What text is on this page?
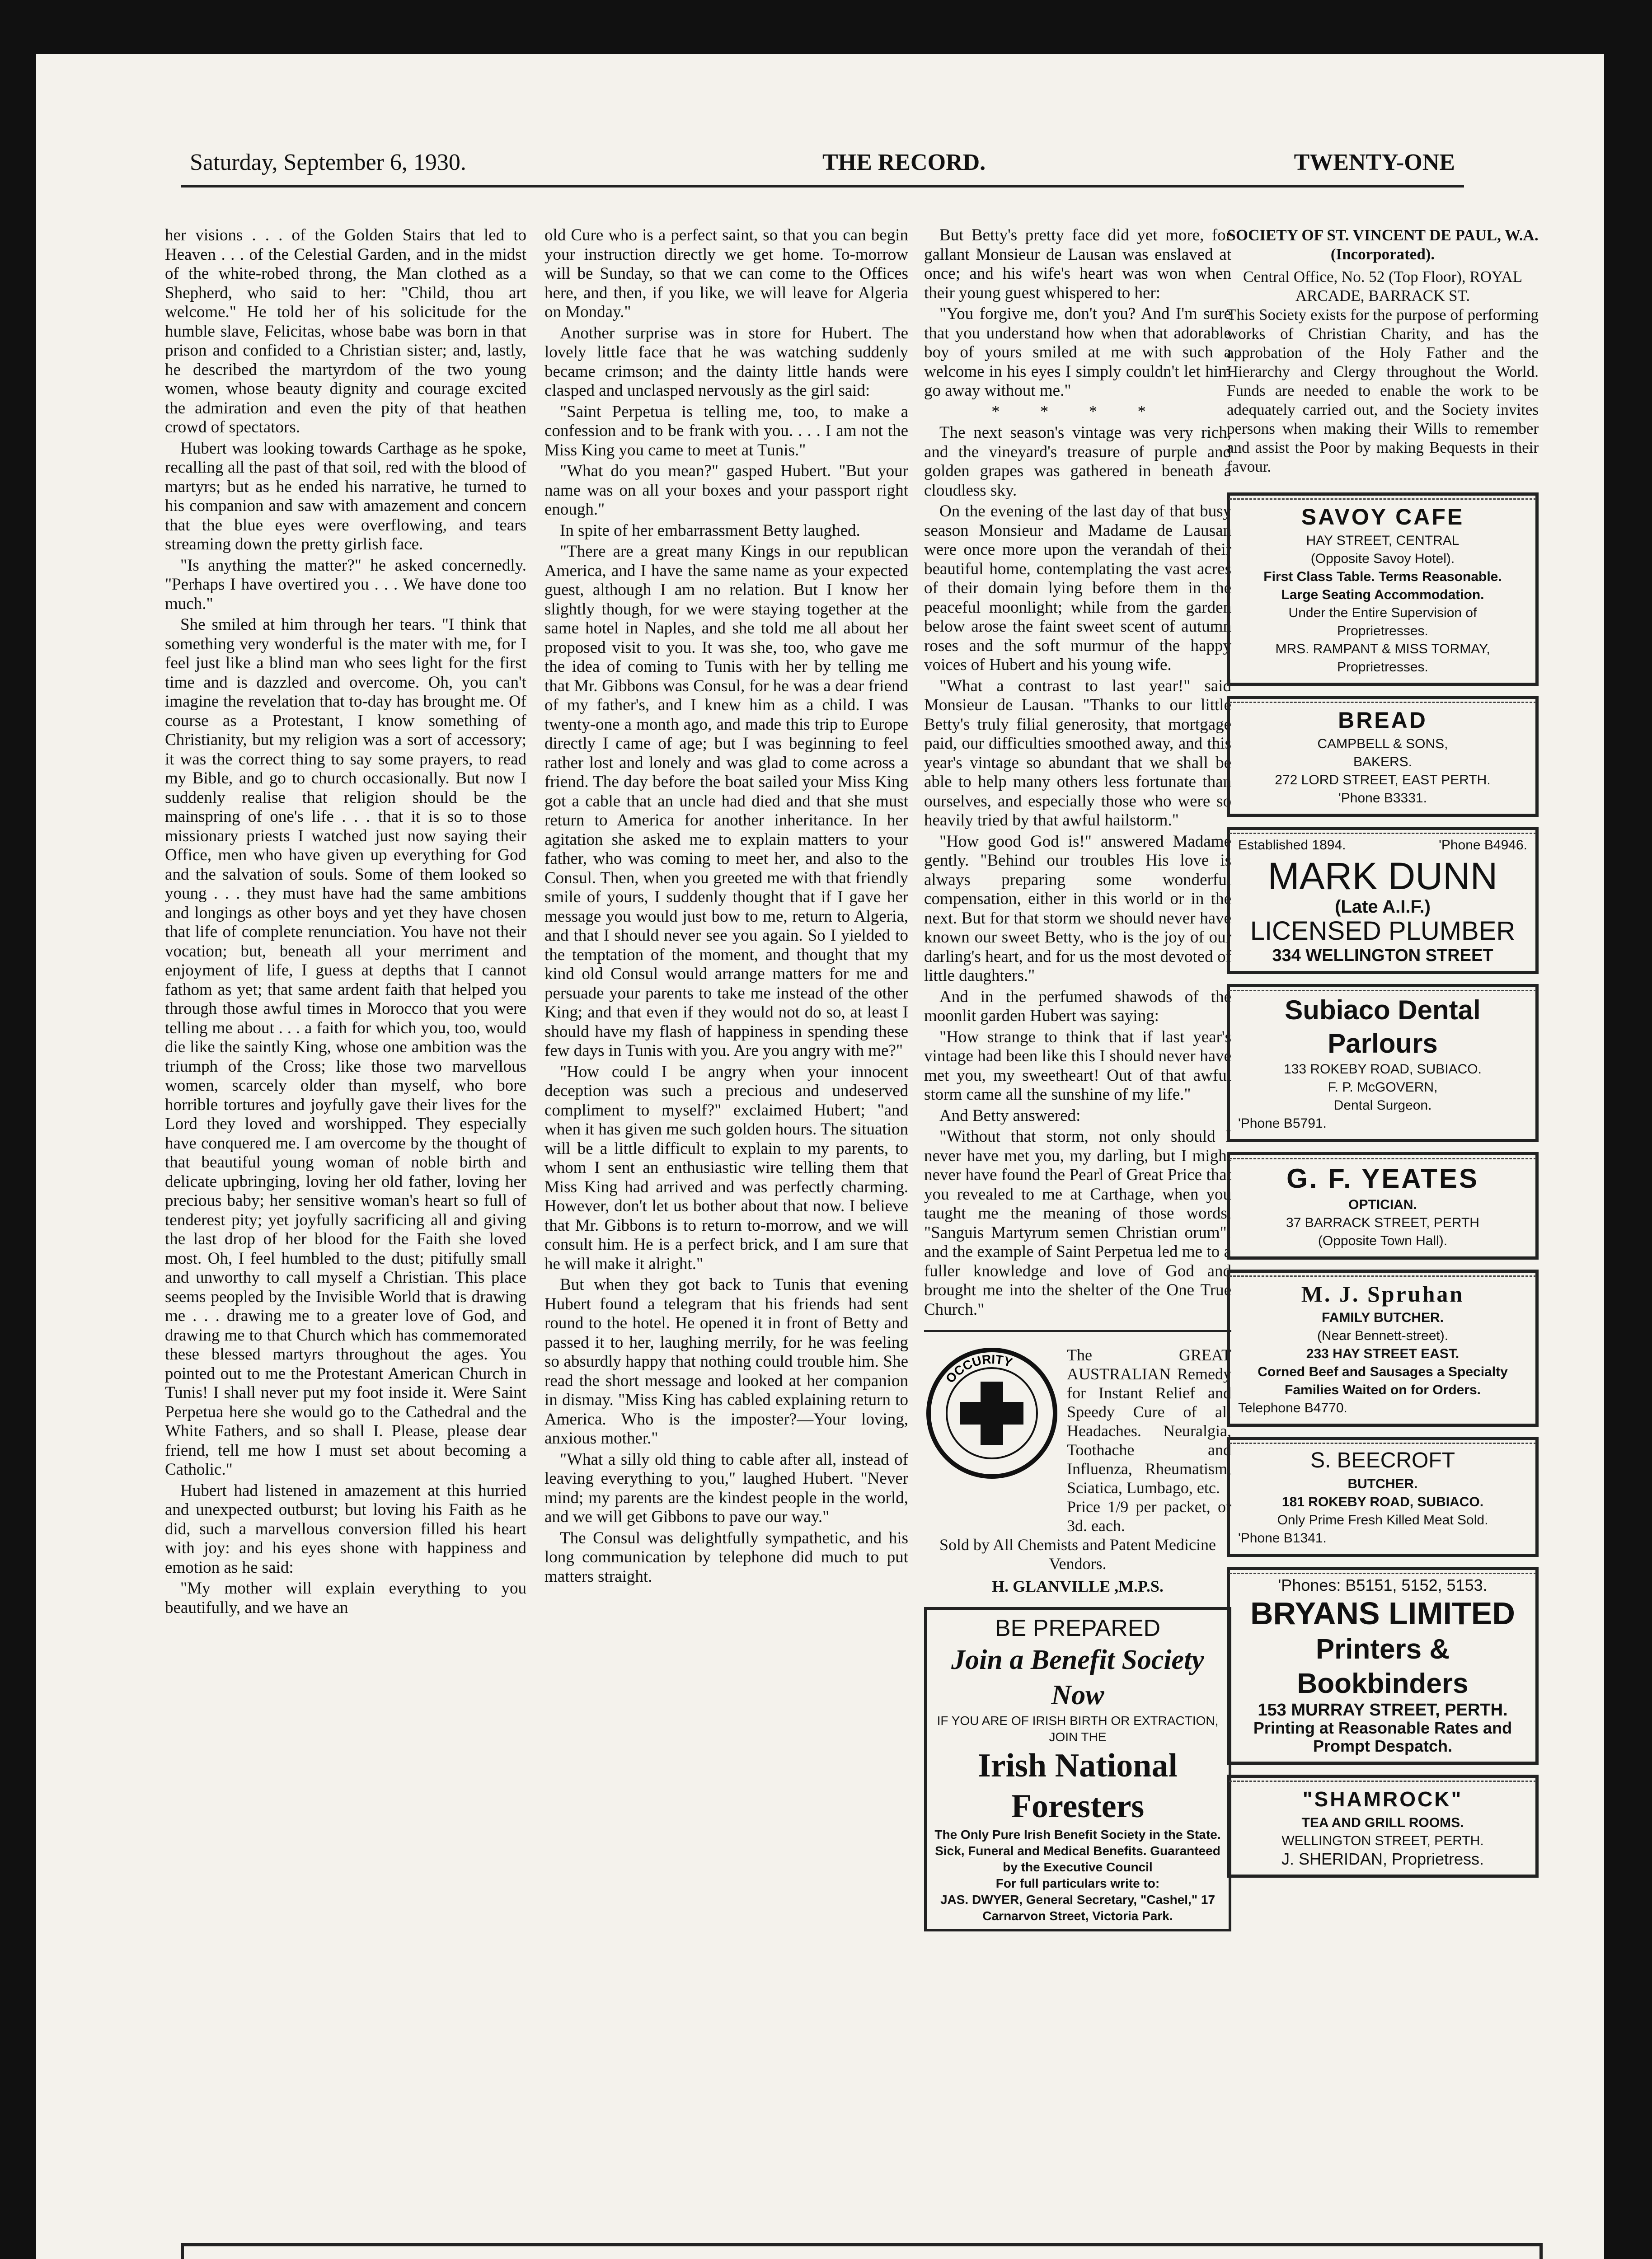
Saturday, September 6, 1930.	THE RECORD.	TWENTY-ONE

her visions . . . of the Golden Stairs that led to Heaven . . . of the Celestial Garden, and in the midst of the white-robed throng, the Man clothed as a Shepherd, who said to her: "Child, thou art welcome." He told her of his solicitude for the humble slave, Felicitas, whose babe was born in that prison and confided to a Christian sister; and, lastly, he described the martyrdom of the two young women, whose beauty dignity and courage excited the admiration and even the pity of that heathen crowd of spectators.

Hubert was looking towards Carthage as he spoke, recalling all the past of that soil, red with the blood of martyrs; but as he ended his narrative, he turned to his companion and saw with amazement and concern that the blue eyes were overflowing, and tears streaming down the pretty girlish face.

"Is anything the matter?" he asked concernedly. "Perhaps I have overtired you . . . We have done too much."

She smiled at him through her tears. "I think that something very wonderful is the mater with me, for I feel just like a blind man who sees light for the first time and is dazzled and overcome. Oh, you can't imagine the revelation that to-day has brought me. Of course as a Protestant, I know something of Christianity, but my religion was a sort of accessory; it was the correct thing to say some prayers, to read my Bible, and go to church occasionally. But now I suddenly realise that religion should be the mainspring of one's life . . . that it is so to those missionary priests I watched just now saying their Office, men who have given up everything for God and the salvation of souls. Some of them looked so young . . . they must have had the same ambitions and longings as other boys and yet they have chosen that life of complete renunciation. You have not their vocation; but, beneath all your merriment and enjoyment of life, I guess at depths that I cannot fathom as yet; that same ardent faith that helped you through those awful times in Morocco that you were telling me about . . . a faith for which you, too, would die like the saintly King, whose one ambition was the triumph of the Cross; like those two marvellous women, scarcely older than myself, who bore horrible tortures and joyfully gave their lives for the Lord they loved and worshipped. They especially have conquered me. I am overcome by the thought of that beautiful young woman of noble birth and delicate upbringing, loving her old father, loving her precious baby; her sensitive woman's heart so full of tenderest pity; yet joyfully sacrificing all and giving the last drop of her blood for the Faith she loved most. Oh, I feel humbled to the dust; pitifully small and unworthy to call myself a Christian. This place seems peopled by the Invisible World that is drawing me . . . drawing me to a greater love of God, and drawing me to that Church which has commemorated these blessed martyrs throughout the ages. You pointed out to me the Protestant American Church in Tunis! I shall never put my foot inside it. Were Saint Perpetua here she would go to the Cathedral and the White Fathers, and so shall I. Please, please dear friend, tell me how I must set about becoming a Catholic."

Hubert had listened in amazement at this hurried and unexpected outburst; but loving his Faith as he did, such a marvellous conversion filled his heart with joy: and his eyes shone with happiness and emotion as he said:

"My mother will explain everything to you beautifully, and we have an

old Cure who is a perfect saint, so that you can begin your instruction directly we get home. To-morrow will be Sunday, so that we can come to the Offices here, and then, if you like, we will leave for Algeria on Monday."

Another surprise was in store for Hubert. The lovely little face that he was watching suddenly became crimson; and the dainty little hands were clasped and unclasped nervously as the girl said:

"Saint Perpetua is telling me, too, to make a confession and to be frank with you. . . . I am not the Miss King you came to meet at Tunis."

"What do you mean?" gasped Hubert. "But your name was on all your boxes and your passport right enough."

In spite of her embarrassment Betty laughed.

"There are a great many Kings in our republican America, and I have the same name as your expected guest, although I am no relation. But I know her slightly though, for we were staying together at the same hotel in Naples, and she told me all about her proposed visit to you. It was she, too, who gave me the idea of coming to Tunis with her by telling me that Mr. Gibbons was Consul, for he was a dear friend of my father's, and I knew him as a child. I was twenty-one a month ago, and made this trip to Europe directly I came of age; but I was beginning to feel rather lost and lonely and was glad to come across a friend. The day before the boat sailed your Miss King got a cable that an uncle had died and that she must return to America for another inheritance. In her agitation she asked me to explain matters to your father, who was coming to meet her, and also to the Consul. Then, when you greeted me with that friendly smile of yours, I suddenly thought that if I gave her message you would just bow to me, return to Algeria, and that I should never see you again. So I yielded to the temptation of the moment, and thought that my kind old Consul would arrange matters for me and persuade your parents to take me instead of the other King; and that even if they would not do so, at least I should have my flash of happiness in spending these few days in Tunis with you. Are you angry with me?"

"How could I be angry when your innocent deception was such a precious and undeserved compliment to myself?" exclaimed Hubert; "and when it has given me such golden hours. The situation will be a little difficult to explain to my parents, to whom I sent an enthusiastic wire telling them that Miss King had arrived and was perfectly charming. However, don't let us bother about that now. I believe that Mr. Gibbons is to return to-morrow, and we will consult him. He is a perfect brick, and I am sure that he will make it alright."

But when they got back to Tunis that evening Hubert found a telegram that his friends had sent round to the hotel. He opened it in front of Betty and passed it to her, laughing merrily, for he was feeling so absurdly happy that nothing could trouble him. She read the short message and looked at her companion in dismay. "Miss King has cabled explaining return to America. Who is the imposter?—Your loving, anxious mother."

"What a silly old thing to cable after all, instead of leaving everything to you," laughed Hubert. "Never mind; my parents are the kindest people in the world, and we will get Gibbons to pave our way."

The Consul was delightfully sympathetic, and his long communication by telephone did much to put matters straight.

But Betty's pretty face did yet more, for gallant Monsieur de Lausan was enslaved at once; and his wife's heart was won when their young guest whispered to her:

"You forgive me, don't you? And I'm sure that you understand how when that adorable boy of yours smiled at me with such a welcome in his eyes I simply couldn't let him go away without me."

* * * *

The next season's vintage was very rich, and the vineyard's treasure of purple and golden grapes was gathered in beneath a cloudless sky.

On the evening of the last day of that busy season Monsieur and Madame de Lausan were once more upon the verandah of their beautiful home, contemplating the vast acres of their domain lying before them in the peaceful moonlight; while from the garden below arose the faint sweet scent of autumn roses and the soft murmur of the happy voices of Hubert and his young wife.

"What a contrast to last year!" said Monsieur de Lausan. "Thanks to our little Betty's truly filial generosity, that mortgage paid, our difficulties smoothed away, and this year's vintage so abundant that we shall be able to help many others less fortunate than ourselves, and especially those who were so heavily tried by that awful hailstorm."

"How good God is!" answered Madame gently. "Behind our troubles His love is always preparing some wonderful compensation, either in this world or in the next. But for that storm we should never have known our sweet Betty, who is the joy of our darling's heart, and for us the most devoted of little daughters."

And in the perfumed shawods of the moonlit garden Hubert was saying:

"How strange to think that if last year's vintage had been like this I should never have met you, my sweetheart! Out of that awful storm came all the sunshine of my life."

And Betty answered:

"Without that storm, not only should I never have met you, my darling, but I might never have found the Pearl of Great Price that you revealed to me at Carthage, when you taught me the meaning of those words, "Sanguis Martyrum semen Christian orum"; and the example of Saint Perpetua led me to a fuller knowledge and love of God and brought me into the shelter of the One True Church."

OCCURITY	The GREAT AUSTRALIAN Remedy for Instant Relief and Speedy Cure of all Headaches. Neuralgia, Toothache and Influenza, Rheumatism, Sciatica, Lumbago, etc.
Price 1/9 per packet, or 3d. each.
Sold by All Chemists and Patent Medicine Vendors.
H. GLANVILLE ,M.P.S.
BE PREPARED
Join a Benefit Society Now
IF YOU ARE OF IRISH BIRTH OR EXTRACTION, JOIN THE
Irish National Foresters
The Only Pure Irish Benefit Society in the State.
Sick, Funeral and Medical Benefits. Guaranteed by the Executive Council
For full particulars write to:
JAS. DWYER, General Secretary, "Cashel," 17 Carnarvon Street, Victoria Park.
SOCIETY OF ST. VINCENT DE PAUL, W.A. (Incorporated).
Central Office, No. 52 (Top Floor), ROYAL ARCADE, BARRACK ST.
This Society exists for the purpose of performing works of Christian Charity, and has the approbation of the Holy Father and the Hierarchy and Clergy throughout the World. Funds are needed to enable the work to be adequately carried out, and the Society invites persons when making their Wills to remember and assist the Poor by making Bequests in their favour.
SAVOY CAFE
HAY STREET, CENTRAL
(Opposite Savoy Hotel).
First Class Table. Terms Reasonable.
Large Seating Accommodation.
Under the Entire Supervision of
Proprietresses.
MRS. RAMPANT & MISS TORMAY,
Proprietresses.
BREAD
CAMPBELL & SONS,
BAKERS.
272 LORD STREET, EAST PERTH.
'Phone B3331.
Established 1894.	'Phone B4946.
MARK DUNN
(Late A.I.F.)
LICENSED PLUMBER
334 WELLINGTON STREET
Subiaco Dental Parlours
133 ROKEBY ROAD, SUBIACO.
F. P. McGOVERN,
Dental Surgeon.
'Phone B5791.
G. F. YEATES
OPTICIAN.
37 BARRACK STREET, PERTH
(Opposite Town Hall).
M. J. Spruhan
FAMILY BUTCHER.
(Near Bennett-street).
233 HAY STREET EAST.
Corned Beef and Sausages a Specialty
Families Waited on for Orders.
Telephone B4770.
S. BEECROFT
BUTCHER.
181 ROKEBY ROAD, SUBIACO.
Only Prime Fresh Killed Meat Sold.
'Phone B1341.
'Phones: B5151, 5152, 5153.
BRYANS LIMITED
Printers & Bookbinders
153 MURRAY STREET, PERTH.
Printing at Reasonable Rates and Prompt Despatch.
"SHAMROCK"
TEA AND GRILL ROOMS.
WELLINGTON STREET, PERTH.
J. SHERIDAN, Proprietress.
